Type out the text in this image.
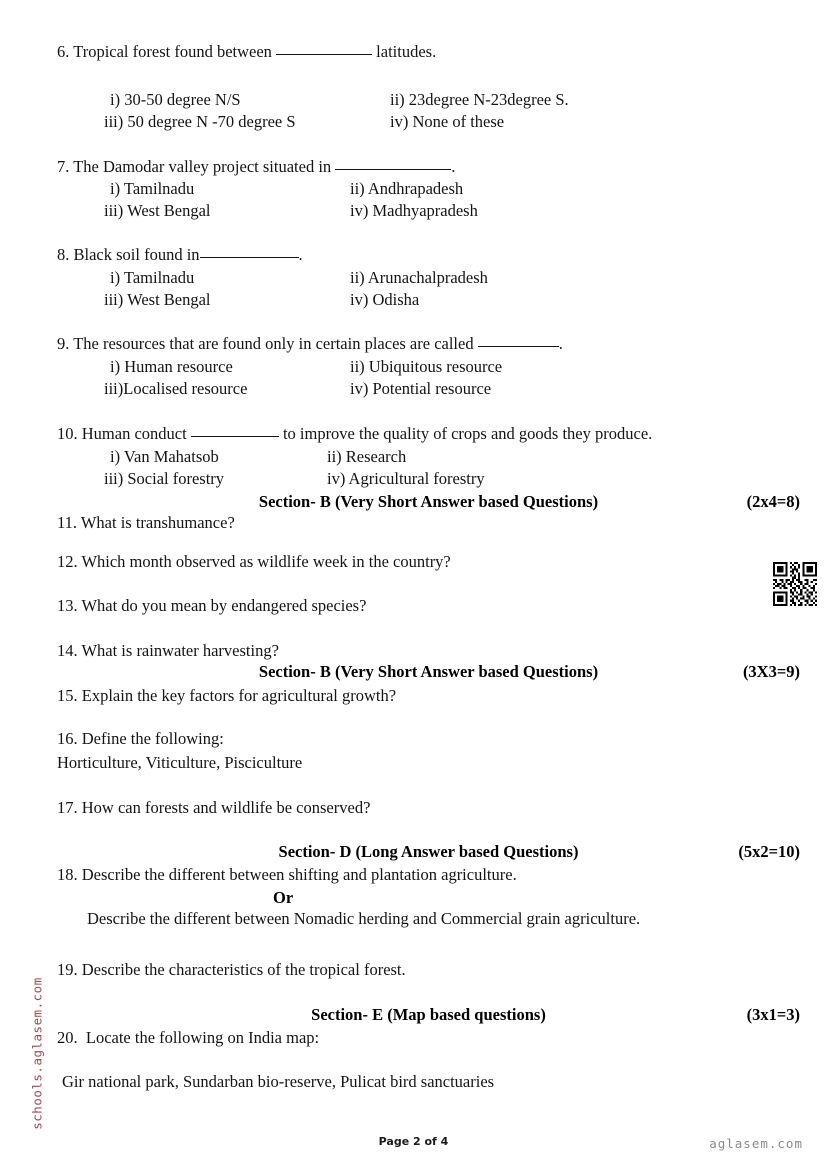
6. Tropical forest found between	latitudes.
i) 30-50 degree N/S	ii) 23degree N-23degree S.
iii) 50 degree N -70 degree S	iv) None of these
7. The Damodar valley project situated in	.
i) Tamilnadu	ii) Andhrapadesh
iii) West Bengal	iv) Madhyapradesh
8. Black soil found in	.
i) Tamilnadu	ii) Arunachalpradesh
iii) West Bengal	iv) Odisha
9. The resources that are found only in certain places are called	.
i) Human resource	ii) Ubiquitous resource
iii)Localised resource	iv) Potential resource
10. Human conduct	to improve the quality of crops and goods they produce.
i) Van Mahatsob	ii) Research
iii) Social forestry	iv) Agricultural forestry
Section- B (Very Short Answer based Questions)	(2x4=8)
11. What is transhumance?
12. Which month observed as wildlife week in the country?
13. What do you mean by endangered species?
14. What is rainwater harvesting?
Section- B (Very Short Answer based Questions)	(3X3=9)
15. Explain the key factors for agricultural growth?
16. Define the following:
Horticulture, Viticulture, Pisciculture
17. How can forests and wildlife be conserved?
Section- D (Long Answer based Questions)	(5x2=10)
18. Describe the different between shifting and plantation agriculture.
Or
Describe the different between Nomadic herding and Commercial grain agriculture.
19. Describe the characteristics of the tropical forest.
Section- E (Map based questions)	(3x1=3)
20.  Locate the following on India map:
Gir national park, Sundarban bio-reserve, Pulicat bird sanctuaries
schools.aglasem.com
Page 2 of 4	aglasem.com
